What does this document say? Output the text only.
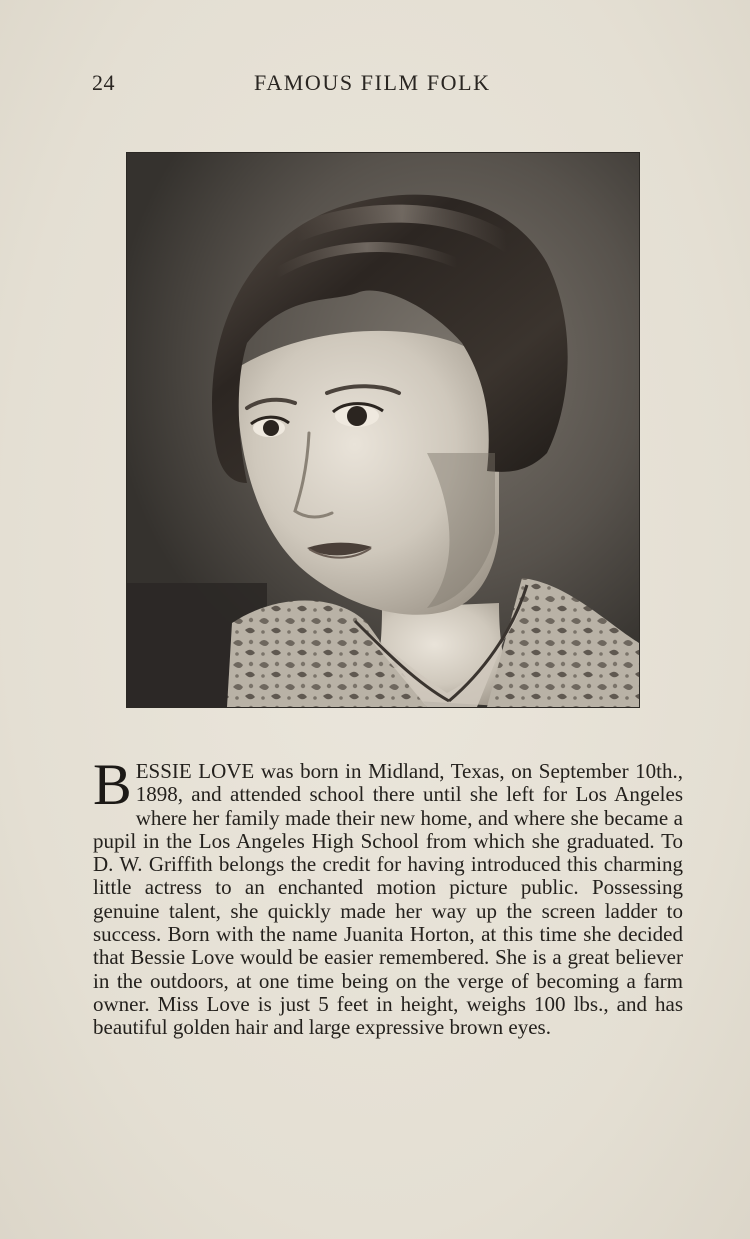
24	FAMOUS FILM FOLK
BESSIE LOVE was born in Midland, Texas, on September 10th., 1898, and attended school there until she left for Los Angeles where her family made their new home, and where she became a pupil in the Los Angeles High School from which she graduated. To D. W. Griffith belongs the credit for having introduced this charming little actress to an enchanted motion picture public. Possessing genuine talent, she quickly made her way up the screen ladder to success. Born with the name Juanita Horton, at this time she decided that Bessie Love would be easier remembered. She is a great believer in the outdoors, at one time being on the verge of becoming a farm owner. Miss Love is just 5 feet in height, weighs 100 lbs., and has beautiful golden hair and large expressive brown eyes.
